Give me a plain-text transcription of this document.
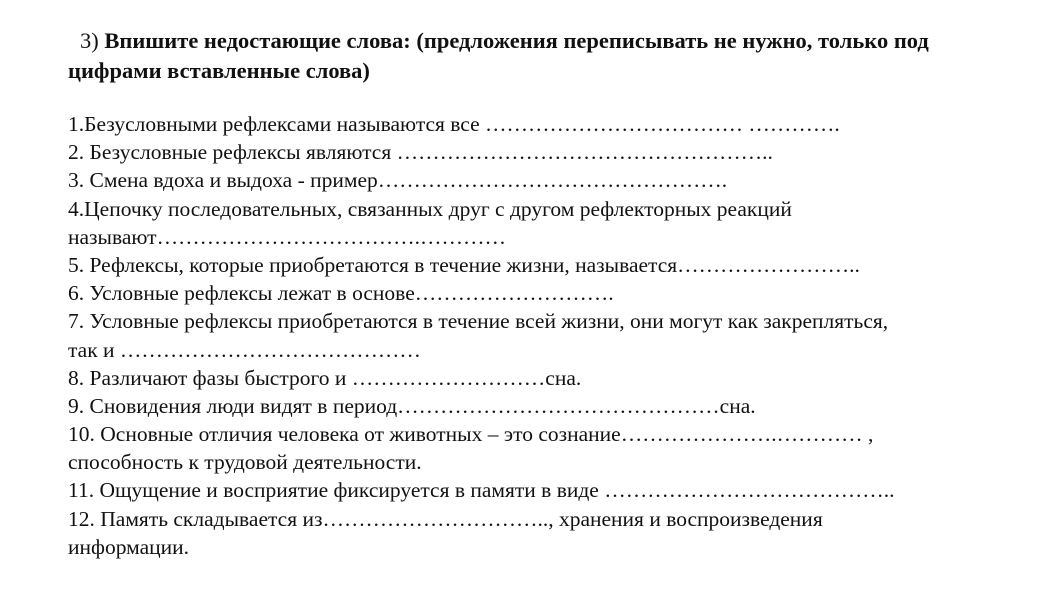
3) Впишите недостающие слова: (предложения переписывать не нужно, только под
цифрами вставленные слова)
1.Безусловными рефлексами называются все ……………………………… ………….
2. Безусловные рефлексы являются ……………………………………………..
3. Смена вдоха и выдоха - пример………………………………………….
4.Цепочку последовательных, связанных друг с другом рефлекторных реакций
называют……………………………….…………
5. Рефлексы, которые приобретаются в течение жизни, называется……………………..
6. Условные рефлексы лежат в основе……………………….
7. Условные рефлексы приобретаются в течение всей жизни, они могут как закрепляться,
так и ……………………………………
8. Различают фазы быстрого и ………………………сна.
9. Сновидения люди видят в период………………………………………сна.
10. Основные отличия человека от животных – это сознание………………….………… ,
способность к трудовой деятельности.
11. Ощущение и восприятие фиксируется в памяти в виде …………………………………..
12. Память складывается из………………………….., хранения и воспроизведения
информации.
